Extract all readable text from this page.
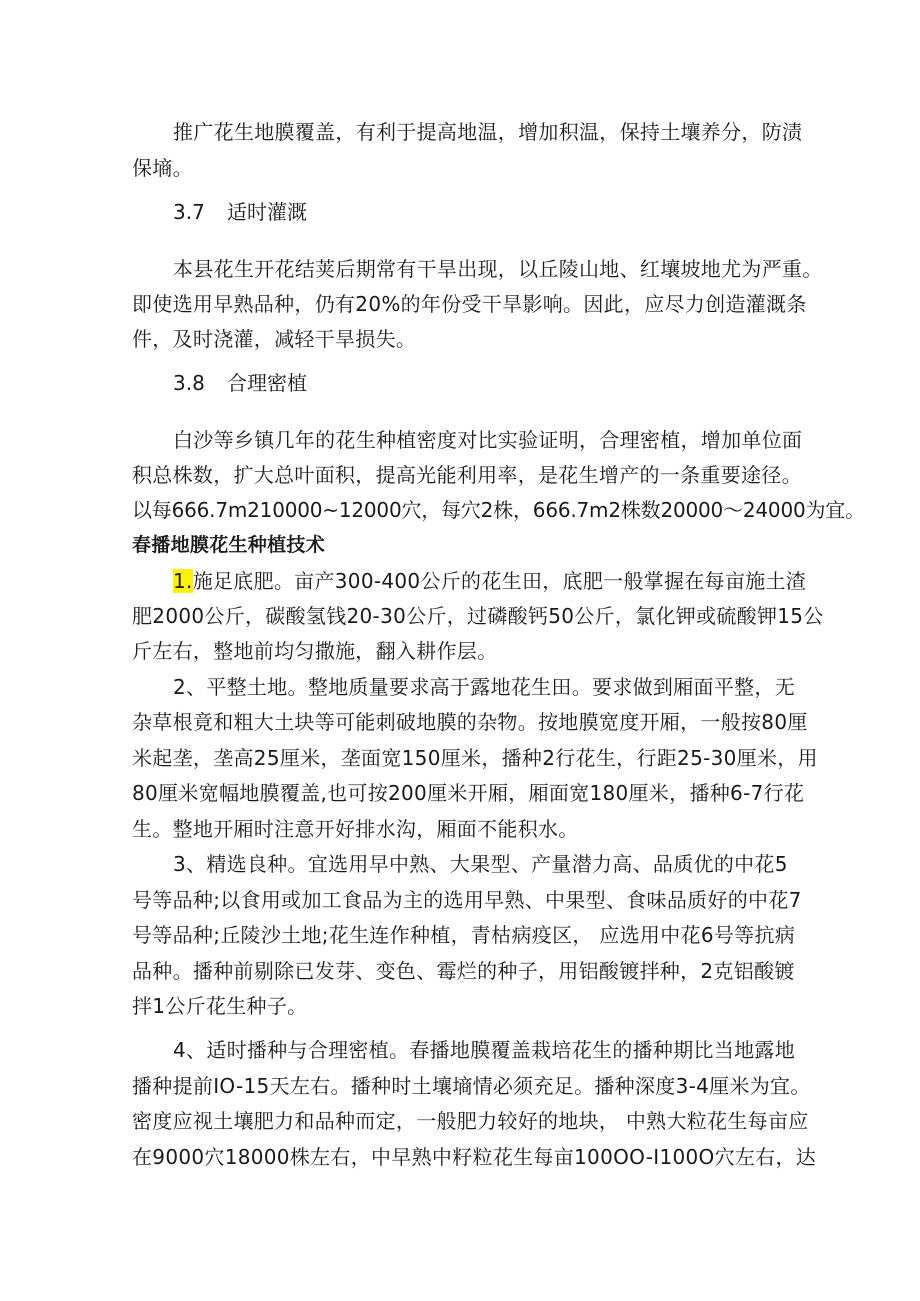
推广花生地膜覆盖，有利于提高地温，增加积温，保持土壤养分，防渍
保墒。
3.7 适时灌溉
本县花生开花结荚后期常有干旱出现，以丘陵山地、红壤坡地尤为严重。
即使选用早熟品种，仍有20%的年份受干旱影响。因此，应尽力创造灌溉条
件，及时浇灌，减轻干旱损失。
3.8 合理密植
白沙等乡镇几年的花生种植密度对比实验证明，合理密植，增加单位面
积总株数，扩大总叶面积，提高光能利用率，是花生增产的一条重要途径。
以每666.7m210000~12000穴，每穴2株，666.7m2株数20000～24000为宜。
春播地膜花生种植技术
1.施足底肥。亩产300-400公斤的花生田，底肥一般掌握在每亩施土渣
肥2000公斤，碳酸氢钱20-30公斤，过磷酸钙50公斤，氯化钾或硫酸钾15公
斤左右，整地前均匀撒施，翻入耕作层。
2、平整土地。整地质量要求高于露地花生田。要求做到厢面平整，无
杂草根竟和粗大土块等可能刺破地膜的杂物。按地膜宽度开厢，一般按80厘
米起垄，垄高25厘米，垄面宽150厘米，播种2行花生，行距25-30厘米，用
80厘米宽幅地膜覆盖,也可按200厘米开厢，厢面宽180厘米，播种6-7行花
生。整地开厢时注意开好排水沟，厢面不能积水。
3、精选良种。宜选用早中熟、大果型、产量潜力高、品质优的中花5
号等品种;以食用或加工食品为主的选用早熟、中果型、食味品质好的中花7
号等品种;丘陵沙土地;花生连作种植，青枯病疫区， 应选用中花6号等抗病
品种。播种前剔除已发芽、变色、霉烂的种子，用铝酸镀拌种，2克铝酸镀
拌1公斤花生种子。
4、适时播种与合理密植。春播地膜覆盖栽培花生的播种期比当地露地
播种提前IO-15天左右。播种时土壤墒情必须充足。播种深度3-4厘米为宜。
密度应视土壤肥力和品种而定，一般肥力较好的地块， 中熟大粒花生每亩应
在9000穴18000株左右，中早熟中籽粒花生每亩100OO-I100O穴左右，达
